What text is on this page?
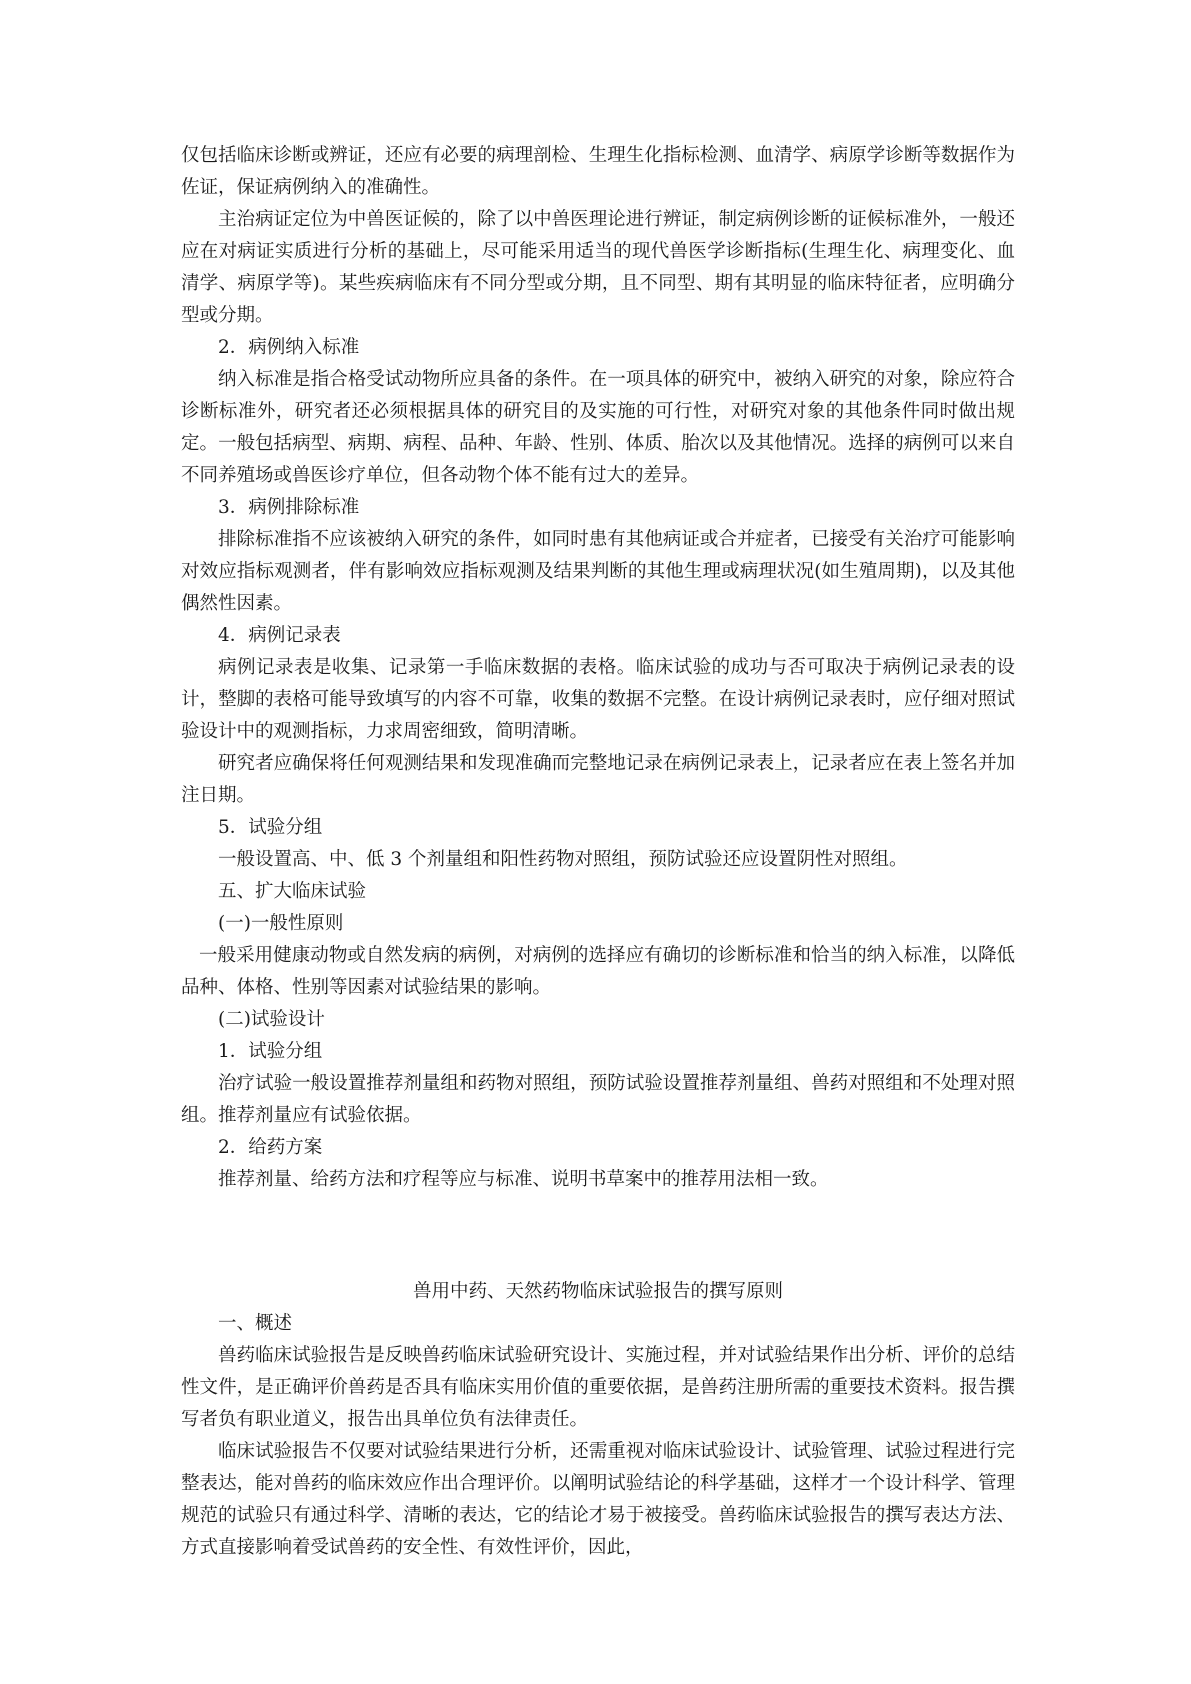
仅包括临床诊断或辨证，还应有必要的病理剖检、生理生化指标检测、血清学、病原学诊断等数据作为佐证，保证病例纳入的准确性。

主治病证定位为中兽医证候的，除了以中兽医理论进行辨证，制定病例诊断的证候标准外，一般还应在对病证实质进行分析的基础上，尽可能采用适当的现代兽医学诊断指标(生理生化、病理变化、血清学、病原学等)。某些疾病临床有不同分型或分期，且不同型、期有其明显的临床特征者，应明确分型或分期。

2．病例纳入标准

纳入标准是指合格受试动物所应具备的条件。在一项具体的研究中，被纳入研究的对象，除应符合诊断标准外，研究者还必须根据具体的研究目的及实施的可行性，对研究对象的其他条件同时做出规定。一般包括病型、病期、病程、品种、年龄、性别、体质、胎次以及其他情况。选择的病例可以来自不同养殖场或兽医诊疗单位，但各动物个体不能有过大的差异。

3．病例排除标准

排除标准指不应该被纳入研究的条件，如同时患有其他病证或合并症者，已接受有关治疗可能影响对效应指标观测者，伴有影响效应指标观测及结果判断的其他生理或病理状况(如生殖周期)，以及其他偶然性因素。

4．病例记录表

病例记录表是收集、记录第一手临床数据的表格。临床试验的成功与否可取决于病例记录表的设计，整脚的表格可能导致填写的内容不可靠，收集的数据不完整。在设计病例记录表时，应仔细对照试验设计中的观测指标，力求周密细致，简明清晰。

研究者应确保将任何观测结果和发现准确而完整地记录在病例记录表上，记录者应在表上签名并加注日期。

5．试验分组

一般设置高、中、低 3 个剂量组和阳性药物对照组，预防试验还应设置阴性对照组。

五、扩大临床试验

(一)一般性原则

一般采用健康动物或自然发病的病例，对病例的选择应有确切的诊断标准和恰当的纳入标准，以降低品种、体格、性别等因素对试验结果的影响。

(二)试验设计

1．试验分组

治疗试验一般设置推荐剂量组和药物对照组，预防试验设置推荐剂量组、兽药对照组和不处理对照组。推荐剂量应有试验依据。

2．给药方案

推荐剂量、给药方法和疗程等应与标准、说明书草案中的推荐用法相一致。

兽用中药、天然药物临床试验报告的撰写原则

一、概述

兽药临床试验报告是反映兽药临床试验研究设计、实施过程，并对试验结果作出分析、评价的总结性文件，是正确评价兽药是否具有临床实用价值的重要依据，是兽药注册所需的重要技术资料。报告撰写者负有职业道义，报告出具单位负有法律责任。

临床试验报告不仅要对试验结果进行分析，还需重视对临床试验设计、试验管理、试验过程进行完整表达，能对兽药的临床效应作出合理评价。以阐明试验结论的科学基础，这样才一个设计科学、管理规范的试验只有通过科学、清晰的表达，它的结论才易于被接受。兽药临床试验报告的撰写表达方法、方式直接影响着受试兽药的安全性、有效性评价，因此，
